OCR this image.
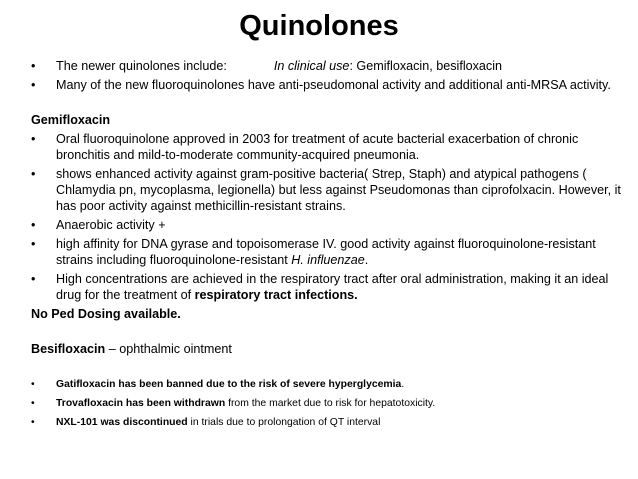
Quinolones
• The newer quinolones include:	In clinical use: Gemifloxacin, besifloxacin
• Many of the new fluoroquinolones have anti-pseudomonal activity and additional anti-MRSA activity.
Gemifloxacin
• Oral fluoroquinolone approved in 2003 for treatment of acute bacterial exacerbation of chronic bronchitis and mild-to-moderate community-acquired pneumonia.
• shows enhanced activity against gram-positive bacteria( Strep, Staph) and atypical pathogens ( Chlamydia pn, mycoplasma, legionella) but less against Pseudomonas than ciprofolxacin. However, it has poor activity against methicillin-resistant strains.
• Anaerobic activity +
• high affinity for DNA gyrase and topoisomerase IV. good activity against fluoroquinolone-resistant strains including fluoroquinolone-resistant H. influenzae.
• High concentrations are achieved in the respiratory tract after oral administration, making it an ideal drug for the treatment of respiratory tract infections.
No Ped Dosing available.
Besifloxacin – ophthalmic ointment
• Gatifloxacin has been banned due to the risk of severe hyperglycemia.
• Trovafloxacin has been withdrawn from the market due to risk for hepatotoxicity.
• NXL-101 was discontinued in trials due to prolongation of QT interval
